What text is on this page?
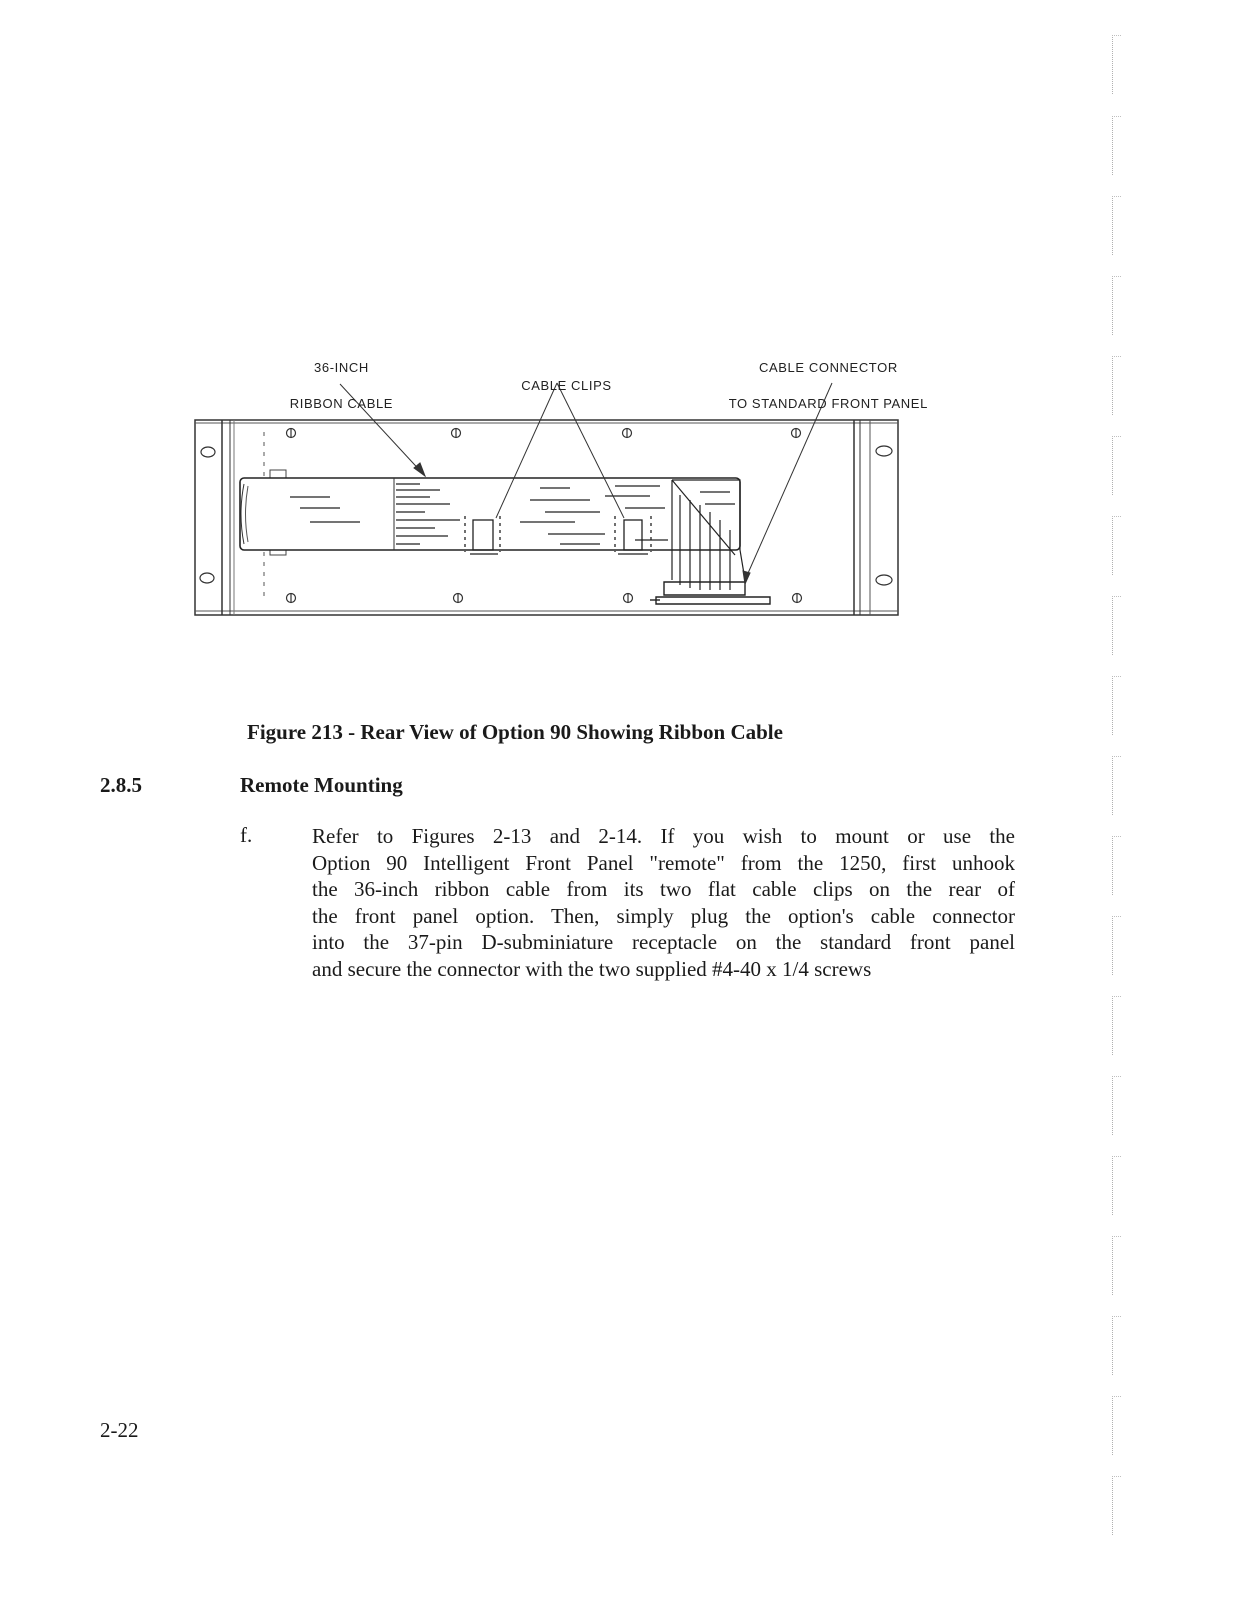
36-INCH

RIBBON CABLE

CABLE CLIPS

CABLE CONNECTOR

TO STANDARD FRONT PANEL

Figure 213 - Rear View of Option 90 Showing Ribbon Cable
2.8.5	Remote Mounting
f.	Refer to Figures 2-13 and 2-14. If you wish to mount or use the
Option 90 Intelligent Front Panel "remote" from the 1250, first unhook
the 36-inch ribbon cable from its two flat cable clips on the rear of
the front panel option. Then, simply plug the option's cable connector
into the 37-pin D-subminiature receptacle on the standard front panel
and secure the connector with the two supplied #4-40 x 1/4 screws
2-22
